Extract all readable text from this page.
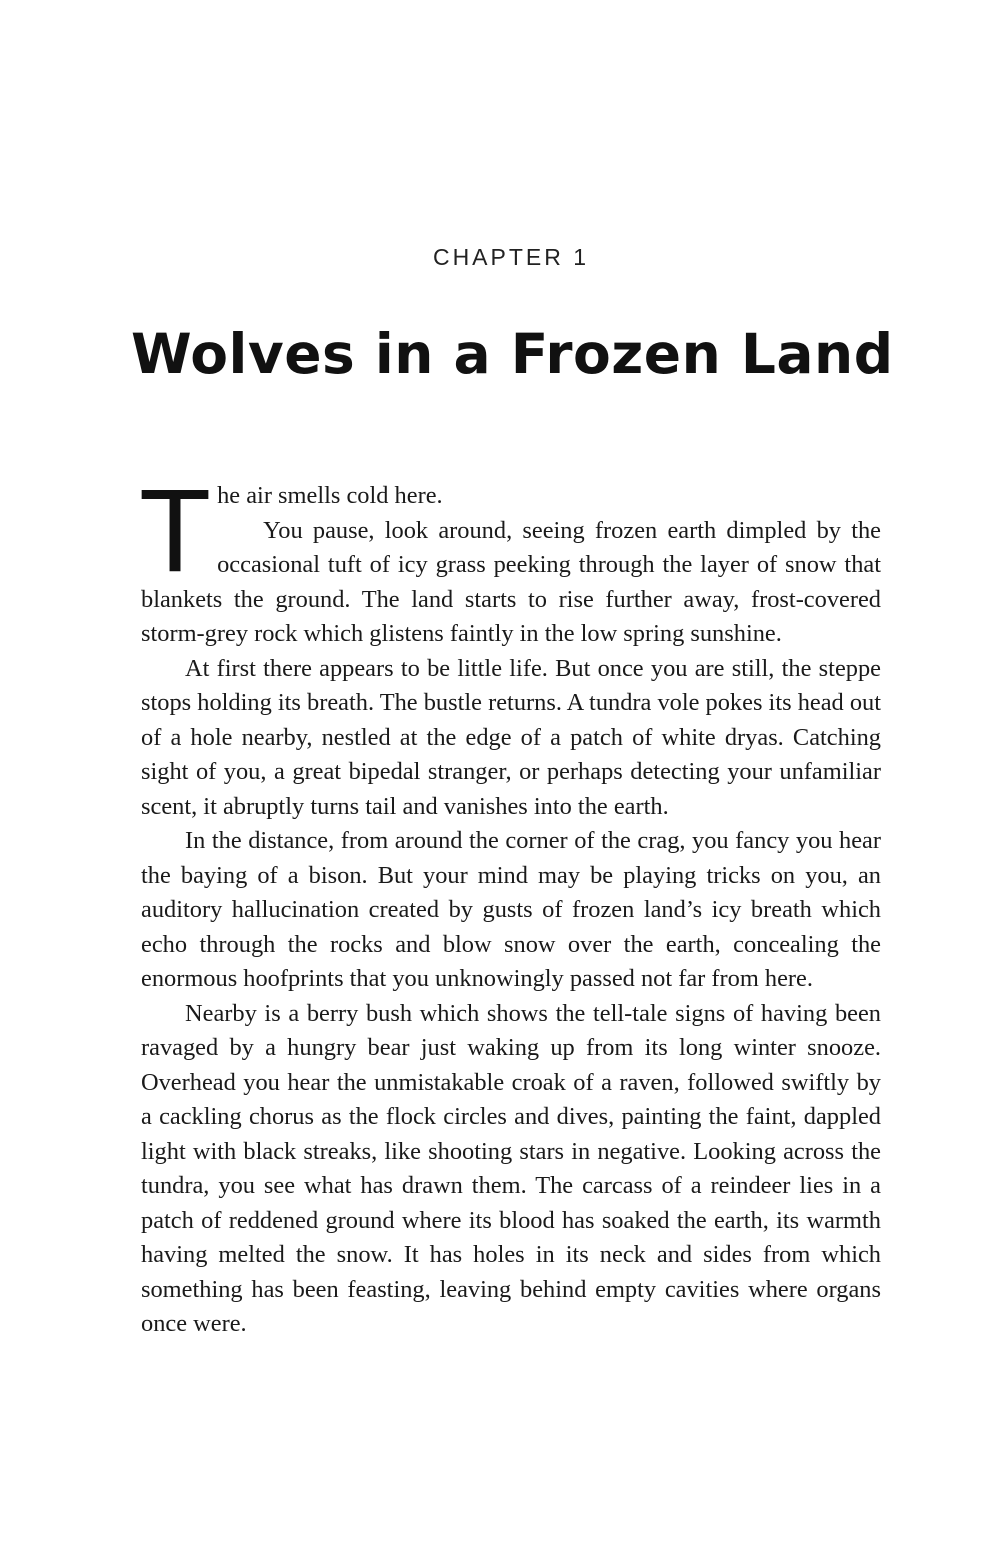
CHAPTER 1
Wolves in a Frozen Land

The air smells cold here.
You pause, look around, seeing frozen earth dimpled by the occasional tuft of icy grass peeking through the layer of snow that blankets the ground. The land starts to rise further away, frost-covered storm-grey rock which glistens faintly in the low spring sunshine.

At first there appears to be little life. But once you are still, the steppe stops holding its breath. The bustle returns. A tundra vole pokes its head out of a hole nearby, nestled at the edge of a patch of white dryas. Catching sight of you, a great bipedal stranger, or perhaps detecting your unfamiliar scent, it abruptly turns tail and vanishes into the earth.

In the distance, from around the corner of the crag, you fancy you hear the baying of a bison. But your mind may be playing tricks on you, an auditory hallucination created by gusts of frozen land’s icy breath which echo through the rocks and blow snow over the earth, concealing the enormous hoofprints that you unknowingly passed not far from here.

Nearby is a berry bush which shows the tell-tale signs of having been ravaged by a hungry bear just waking up from its long winter snooze. Overhead you hear the unmistakable croak of a raven, followed swiftly by a cackling chorus as the flock circles and dives, painting the faint, dappled light with black streaks, like shooting stars in negative. Looking across the tundra, you see what has drawn them. The carcass of a reindeer lies in a patch of reddened ground where its blood has soaked the earth, its warmth having melted the snow. It has holes in its neck and sides from which something has been feasting, leaving behind empty cavities where organs once were.
